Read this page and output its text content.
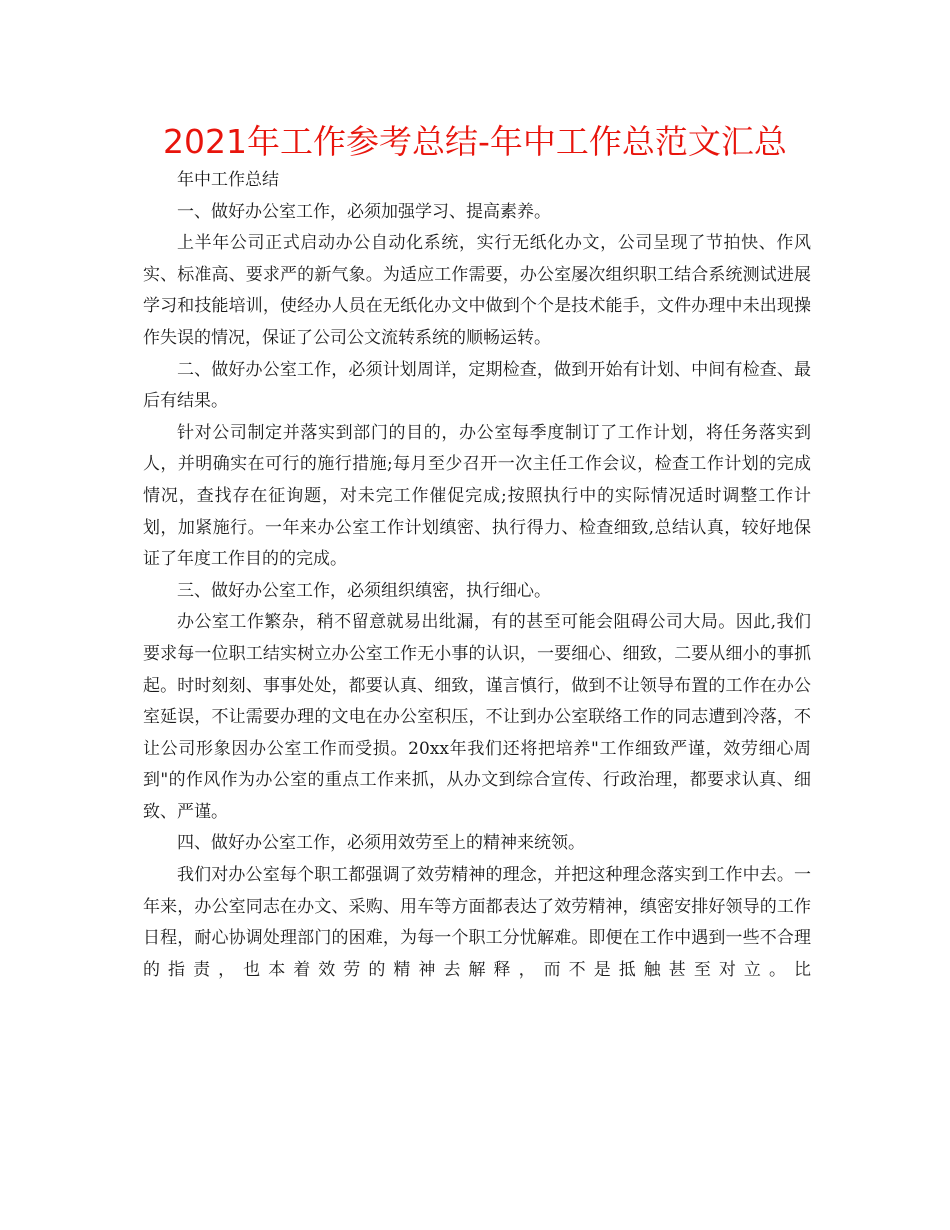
2021年工作参考总结-年中工作总范文汇总

年中工作总结

一、做好办公室工作，必须加强学习、提高素养。

上半年公司正式启动办公自动化系统，实行无纸化办文，公司呈现了节拍快、作风实、标准高、要求严的新气象。为适应工作需要，办公室屡次组织职工结合系统测试进展学习和技能培训，使经办人员在无纸化办文中做到个个是技术能手，文件办理中未出现操作失误的情况，保证了公司公文流转系统的顺畅运转。

二、做好办公室工作，必须计划周详，定期检查，做到开始有计划、中间有检查、最后有结果。

针对公司制定并落实到部门的目的，办公室每季度制订了工作计划，将任务落实到人，并明确实在可行的施行措施;每月至少召开一次主任工作会议，检查工作计划的完成情况，查找存在征询题，对未完工作催促完成;按照执行中的实际情况适时调整工作计划，加紧施行。一年来办公室工作计划缜密、执行得力、检查细致,总结认真，较好地保证了年度工作目的的完成。

三、做好办公室工作，必须组织缜密，执行细心。

办公室工作繁杂，稍不留意就易出纰漏，有的甚至可能会阻碍公司大局。因此,我们要求每一位职工结实树立办公室工作无小事的认识，一要细心、细致，二要从细小的事抓起。时时刻刻、事事处处，都要认真、细致，谨言慎行，做到不让领导布置的工作在办公室延误，不让需要办理的文电在办公室积压，不让到办公室联络工作的同志遭到冷落，不让公司形象因办公室工作而受损。20xx年我们还将把培养"工作细致严谨，效劳细心周到"的作风作为办公室的重点工作来抓，从办文到综合宣传、行政治理，都要求认真、细致、严谨。

四、做好办公室工作，必须用效劳至上的精神来统领。

我们对办公室每个职工都强调了效劳精神的理念，并把这种理念落实到工作中去。一年来，办公室同志在办文、采购、用车等方面都表达了效劳精神，缜密安排好领导的工作日程，耐心协调处理部门的困难，为每一个职工分忧解难。即便在工作中遇到一些不合理的指责，也本着效劳的精神去解释，而不是抵触甚至对立。比
